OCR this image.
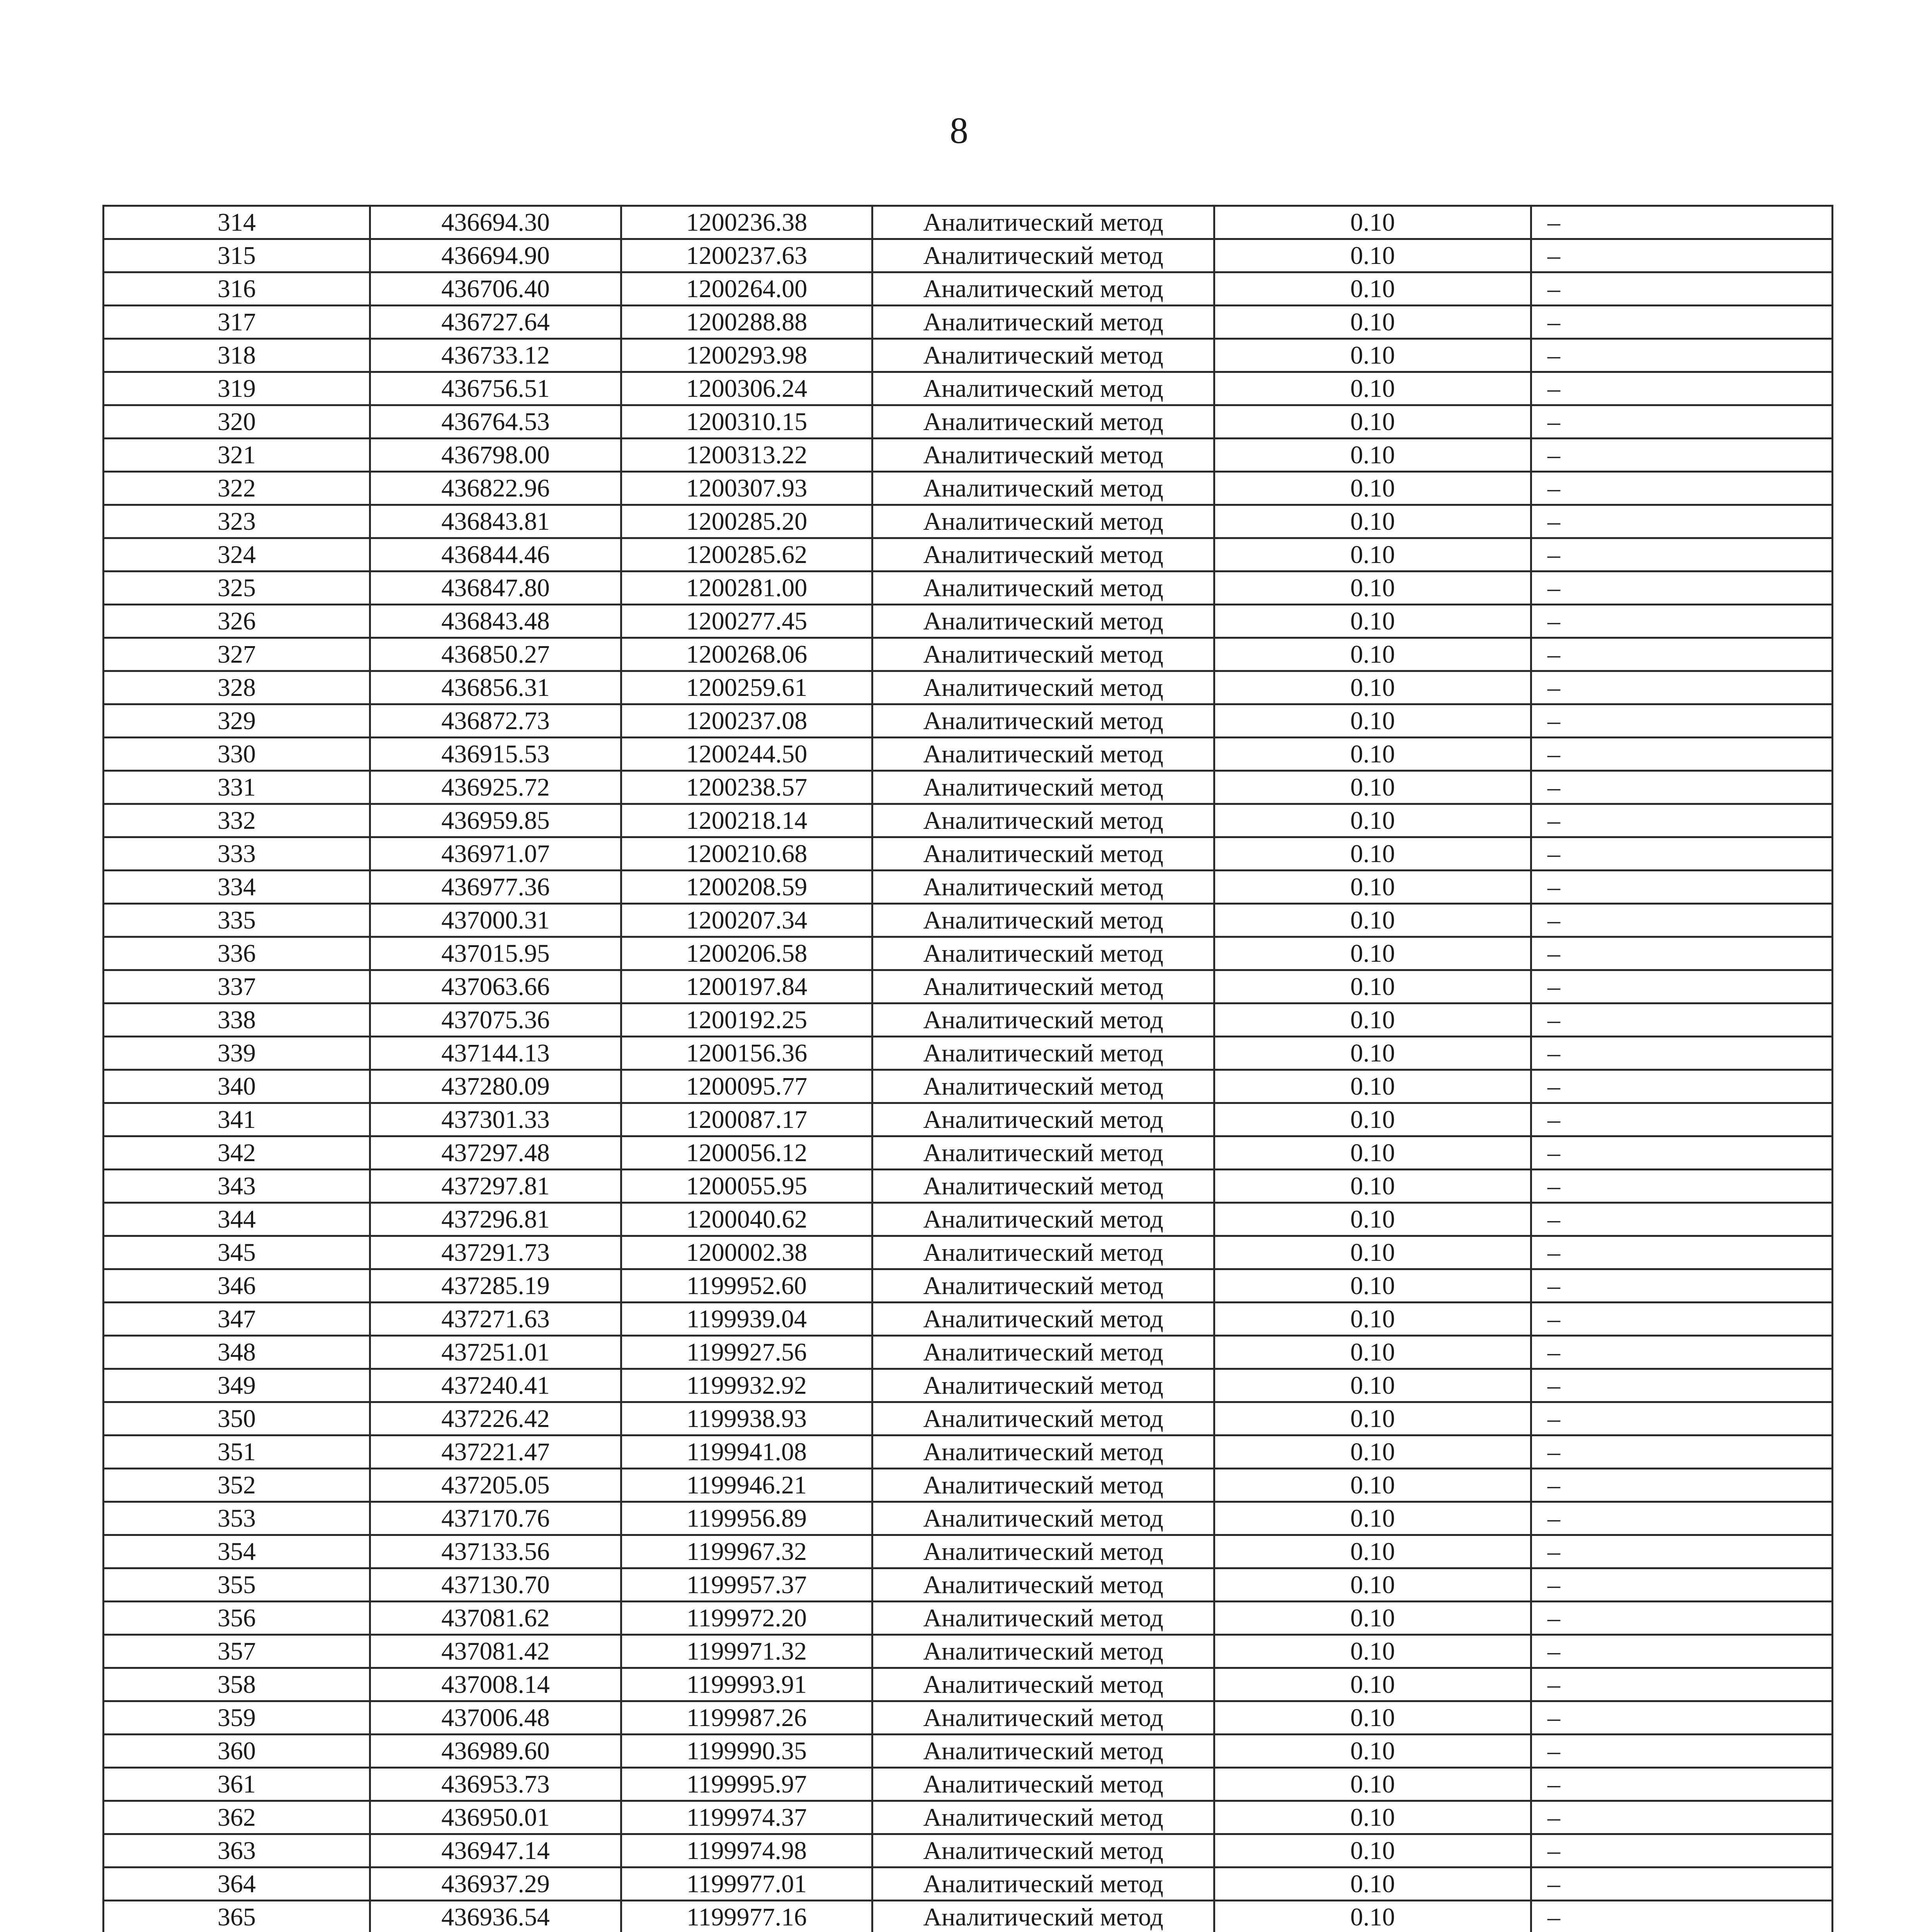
8
314	436694.30	1200236.38	Аналитический метод	0.10	–
315	436694.90	1200237.63	Аналитический метод	0.10	–
316	436706.40	1200264.00	Аналитический метод	0.10	–
317	436727.64	1200288.88	Аналитический метод	0.10	–
318	436733.12	1200293.98	Аналитический метод	0.10	–
319	436756.51	1200306.24	Аналитический метод	0.10	–
320	436764.53	1200310.15	Аналитический метод	0.10	–
321	436798.00	1200313.22	Аналитический метод	0.10	–
322	436822.96	1200307.93	Аналитический метод	0.10	–
323	436843.81	1200285.20	Аналитический метод	0.10	–
324	436844.46	1200285.62	Аналитический метод	0.10	–
325	436847.80	1200281.00	Аналитический метод	0.10	–
326	436843.48	1200277.45	Аналитический метод	0.10	–
327	436850.27	1200268.06	Аналитический метод	0.10	–
328	436856.31	1200259.61	Аналитический метод	0.10	–
329	436872.73	1200237.08	Аналитический метод	0.10	–
330	436915.53	1200244.50	Аналитический метод	0.10	–
331	436925.72	1200238.57	Аналитический метод	0.10	–
332	436959.85	1200218.14	Аналитический метод	0.10	–
333	436971.07	1200210.68	Аналитический метод	0.10	–
334	436977.36	1200208.59	Аналитический метод	0.10	–
335	437000.31	1200207.34	Аналитический метод	0.10	–
336	437015.95	1200206.58	Аналитический метод	0.10	–
337	437063.66	1200197.84	Аналитический метод	0.10	–
338	437075.36	1200192.25	Аналитический метод	0.10	–
339	437144.13	1200156.36	Аналитический метод	0.10	–
340	437280.09	1200095.77	Аналитический метод	0.10	–
341	437301.33	1200087.17	Аналитический метод	0.10	–
342	437297.48	1200056.12	Аналитический метод	0.10	–
343	437297.81	1200055.95	Аналитический метод	0.10	–
344	437296.81	1200040.62	Аналитический метод	0.10	–
345	437291.73	1200002.38	Аналитический метод	0.10	–
346	437285.19	1199952.60	Аналитический метод	0.10	–
347	437271.63	1199939.04	Аналитический метод	0.10	–
348	437251.01	1199927.56	Аналитический метод	0.10	–
349	437240.41	1199932.92	Аналитический метод	0.10	–
350	437226.42	1199938.93	Аналитический метод	0.10	–
351	437221.47	1199941.08	Аналитический метод	0.10	–
352	437205.05	1199946.21	Аналитический метод	0.10	–
353	437170.76	1199956.89	Аналитический метод	0.10	–
354	437133.56	1199967.32	Аналитический метод	0.10	–
355	437130.70	1199957.37	Аналитический метод	0.10	–
356	437081.62	1199972.20	Аналитический метод	0.10	–
357	437081.42	1199971.32	Аналитический метод	0.10	–
358	437008.14	1199993.91	Аналитический метод	0.10	–
359	437006.48	1199987.26	Аналитический метод	0.10	–
360	436989.60	1199990.35	Аналитический метод	0.10	–
361	436953.73	1199995.97	Аналитический метод	0.10	–
362	436950.01	1199974.37	Аналитический метод	0.10	–
363	436947.14	1199974.98	Аналитический метод	0.10	–
364	436937.29	1199977.01	Аналитический метод	0.10	–
365	436936.54	1199977.16	Аналитический метод	0.10	–
